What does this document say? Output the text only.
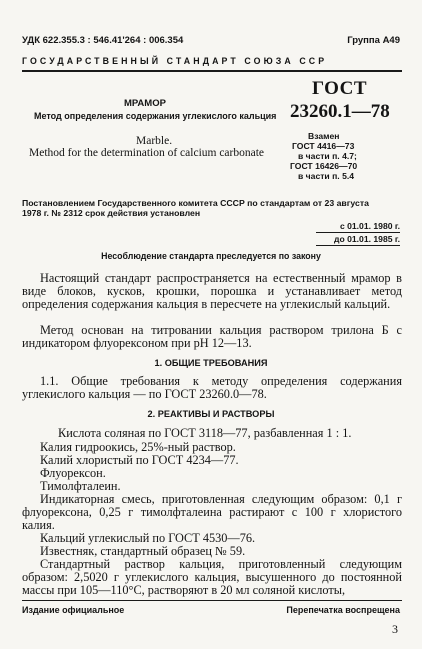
УДК 622.355.3 : 546.41'264 : 006.354	Группа А49
ГОСУДАРСТВЕННЫЙ СТАНДАРТ СОЮЗА ССР
МРАМОР
Метод определения содержания углекислого кальция
Marble.
Method for the determination of calcium carbonate
ГОСТ
23260.1—78
Взамен
ГОСТ 4416—73
в части п. 4.7;
ГОСТ 16426—70
в части п. 5.4
Постановлением Государственного комитета СССР по стандартам от 23 августа
1978 г. № 2312 срок действия установлен
с 01.01. 1980 г.
до 01.01. 1985 г.
Несоблюдение стандарта преследуется по закону
Настоящий стандарт распространяется на естественный мрамор в виде блоков, кусков, крошки, порошка и устанавливает метод определения содержания кальция в пересчете на углекислый кальций.
Метод основан на титровании кальция раствором трилона Б с индикатором флуорексоном при pH 12—13.
1. ОБЩИЕ ТРЕБОВАНИЯ
1.1. Общие требования к методу определения содержания углекислого кальция — по ГОСТ 23260.0—78.
2. РЕАКТИВЫ И РАСТВОРЫ
Кислота соляная по ГОСТ 3118—77, разбавленная 1 : 1.
Калия гидроокись, 25%-ный раствор.
Калий хлористый по ГОСТ 4234—77.
Флуорексон.
Тимолфталеин.
Индикаторная смесь, приготовленная следующим образом: 0,1 г флуорексона, 0,25 г тимолфталеина растирают с 100 г хлористого калия.
Кальций углекислый по ГОСТ 4530—76.
Известняк, стандартный образец № 59.
Стандартный раствор кальция, приготовленный следующим образом: 2,5020 г углекислого кальция, высушенного до постоянной массы при 105—110°С, растворяют в 20 мл соляной кислоты,
Издание официальное	Перепечатка воспрещена
3
